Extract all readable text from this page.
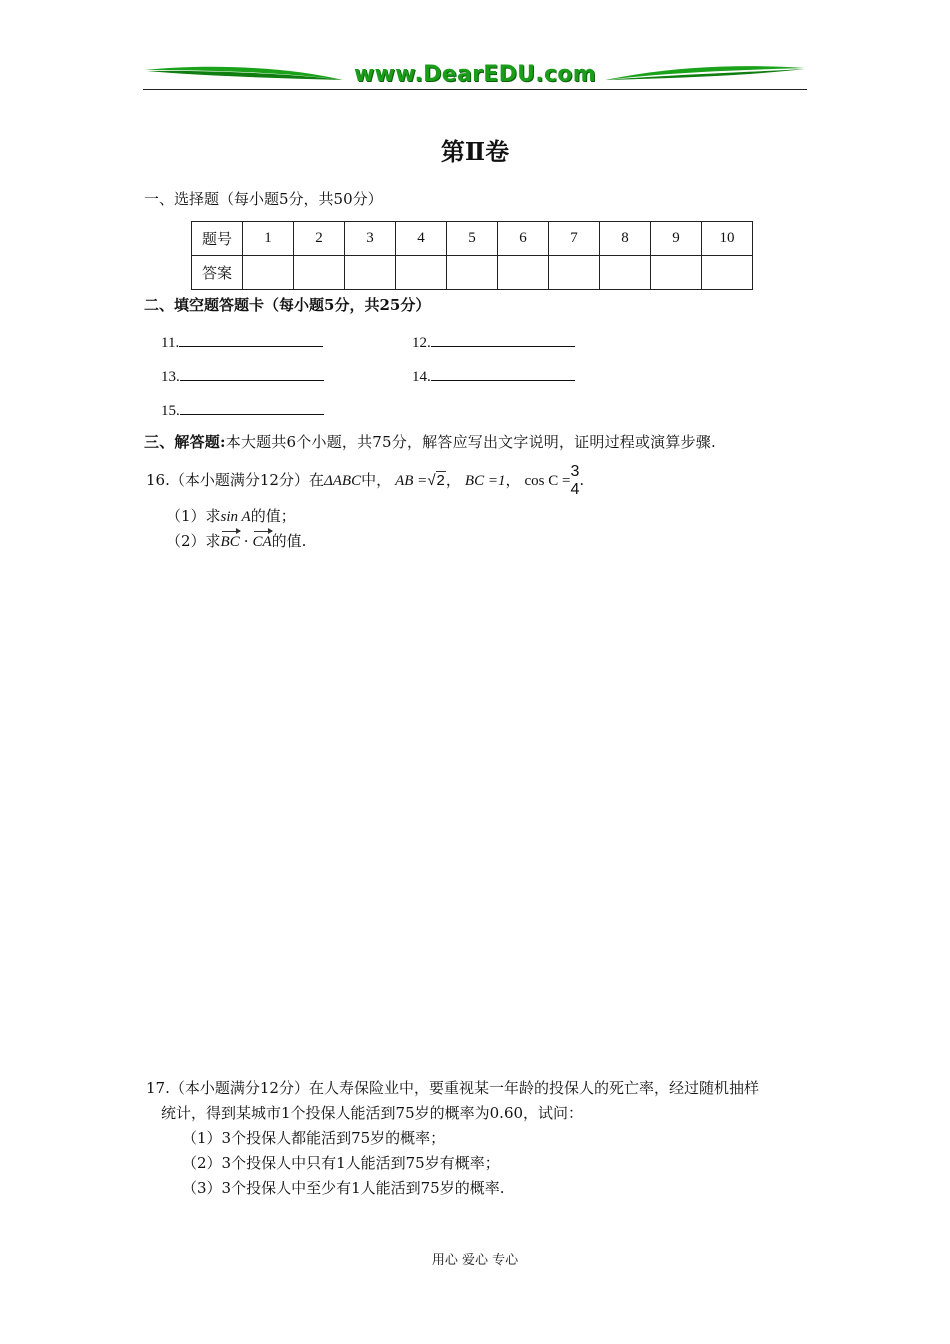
www.DearEDU.com
第Ⅱ卷
一、选择题（每小题5分，共50分）
题号	1	2	3	4	5	6	7	8	9	10
答案										
二、填空题答题卡（每小题5分，共25分）
11.	12.
13.	14.
15.
三、解答题:本大题共6个小题，共75分，解答应写出文字说明，证明过程或演算步骤.
16.（本小题满分12分）在ΔABC中， AB =√2， BC =1， cos C =
3
4
.
（1）求sin A的值；
（2）求BC · CA的值.
17.（本小题满分12分）在人寿保险业中，要重视某一年龄的投保人的死亡率，经过随机抽样
统计，得到某城市1个投保人能活到75岁的概率为0.60，试问：
（1）3个投保人都能活到75岁的概率；
（2）3个投保人中只有1人能活到75岁有概率；
（3）3个投保人中至少有1人能活到75岁的概率.
用心 爱心 专心
